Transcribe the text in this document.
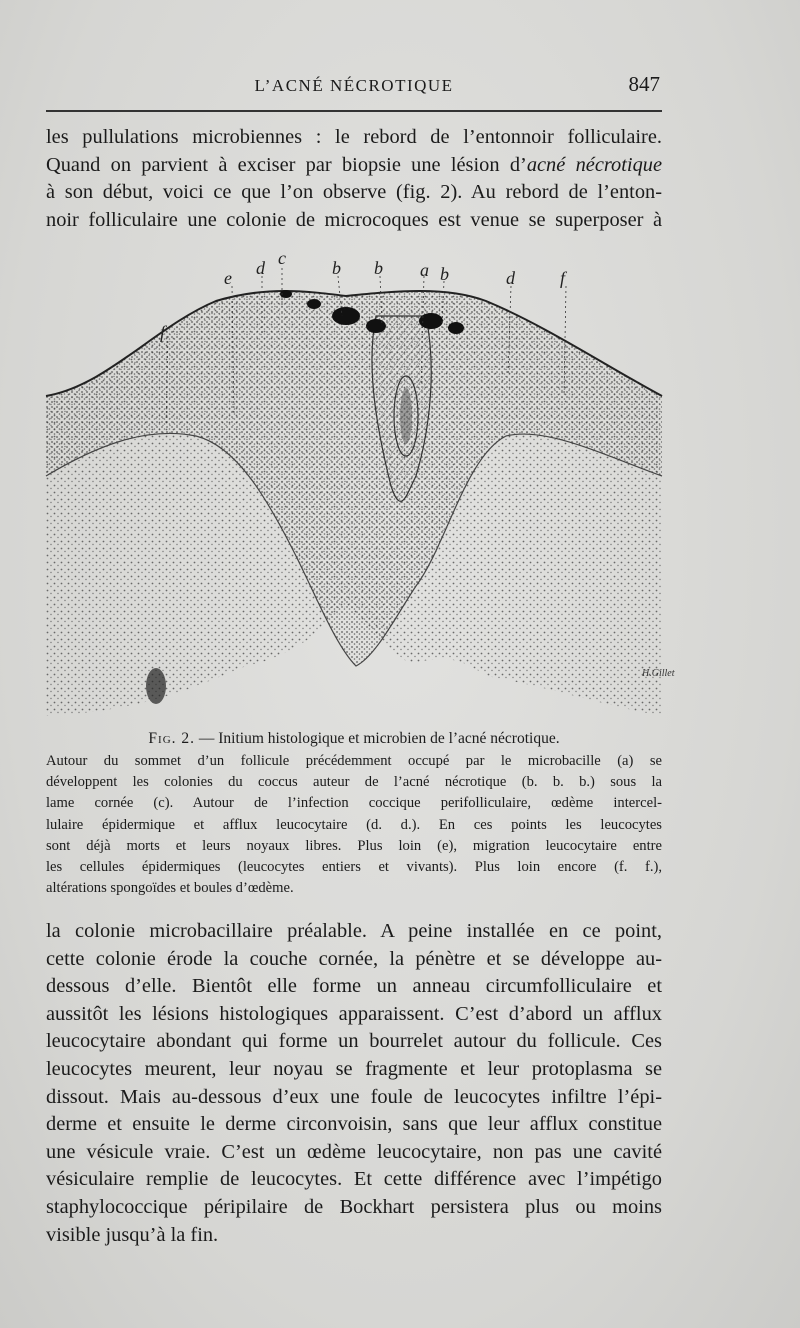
L’ACNÉ NÉCROTIQUE	847
les pullulations microbiennes : le rebord de l’entonnoir folliculaire.
Quand on parvient à exciser par biopsie une lésion d’acné nécrotique
à son début, voici ce que l’on observe (fig. 2). Au rebord de l’enton-
noir folliculaire une colonie de microcoques est venue se superposer à
e d c	b b a b	d	f
f
H.Gillet
Fig. 2. — Initium histologique et microbien de l’acné nécrotique.
Autour du sommet d’un follicule précédemment occupé par le microbacille (a) se
développent les colonies du coccus auteur de l’acné nécrotique (b. b. b.) sous la
lame cornée (c). Autour de l’infection coccique perifolliculaire, œdème intercel-
lulaire épidermique et afflux leucocytaire (d. d.). En ces points les leucocytes
sont déjà morts et leurs noyaux libres. Plus loin (e), migration leucocytaire entre
les cellules épidermiques (leucocytes entiers et vivants). Plus loin encore (f. f.),
altérations spongoïdes et boules d’œdème.
la colonie microbacillaire préalable. A peine installée en ce point,
cette colonie érode la couche cornée, la pénètre et se développe au-
dessous d’elle. Bientôt elle forme un anneau circumfolliculaire et
aussitôt les lésions histologiques apparaissent. C’est d’abord un afflux
leucocytaire abondant qui forme un bourrelet autour du follicule. Ces
leucocytes meurent, leur noyau se fragmente et leur protoplasma se
dissout. Mais au-dessous d’eux une foule de leucocytes infiltre l’épi-
derme et ensuite le derme circonvoisin, sans que leur afflux constitue
une vésicule vraie. C’est un œdème leucocytaire, non pas une cavité
vésiculaire remplie de leucocytes. Et cette différence avec l’impétigo
staphylococcique péripilaire de Bockhart persistera plus ou moins
visible jusqu’à la fin.
